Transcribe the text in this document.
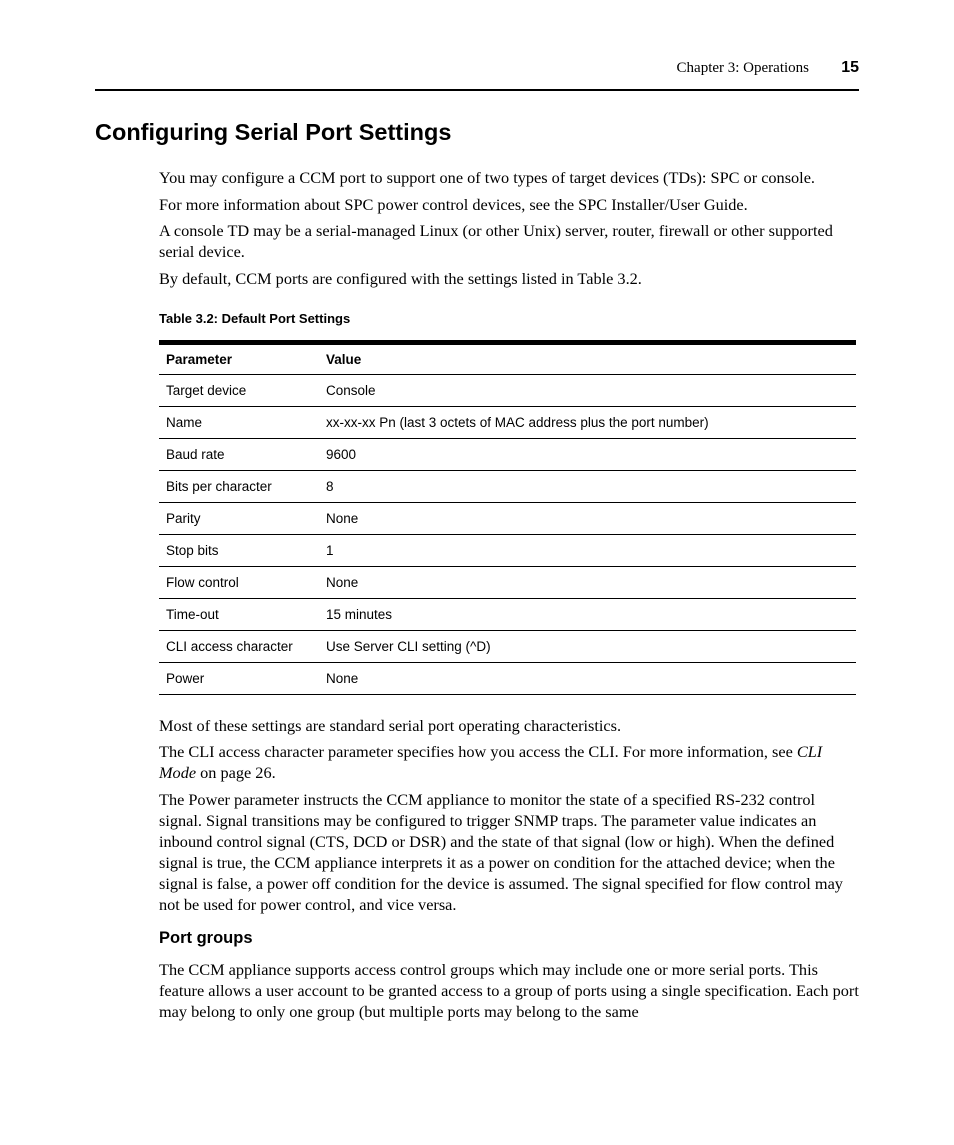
Chapter 3: Operations 15
Configuring Serial Port Settings

You may configure a CCM port to support one of two types of target devices (TDs): SPC or console.

For more information about SPC power control devices, see the SPC Installer/User Guide.

A console TD may be a serial-managed Linux (or other Unix) server, router, firewall or other supported serial device.

By default, CCM ports are configured with the settings listed in Table 3.2.

Table 3.2: Default Port Settings
Parameter	Value
Target device	Console
Name	xx-xx-xx Pn (last 3 octets of MAC address plus the port number)
Baud rate	9600
Bits per character	8
Parity	None
Stop bits	1
Flow control	None
Time-out	15 minutes
CLI access character	Use Server CLI setting (^D)
Power	None

Most of these settings are standard serial port operating characteristics.

The CLI access character parameter specifies how you access the CLI. For more information, see CLI Mode on page 26.

The Power parameter instructs the CCM appliance to monitor the state of a specified RS-232 control signal. Signal transitions may be configured to trigger SNMP traps. The parameter value indicates an inbound control signal (CTS, DCD or DSR) and the state of that signal (low or high). When the defined signal is true, the CCM appliance interprets it as a power on condition for the attached device; when the signal is false, a power off condition for the device is assumed. The signal specified for flow control may not be used for power control, and vice versa.

Port groups

The CCM appliance supports access control groups which may include one or more serial ports. This feature allows a user account to be granted access to a group of ports using a single specification. Each port may belong to only one group (but multiple ports may belong to the same
